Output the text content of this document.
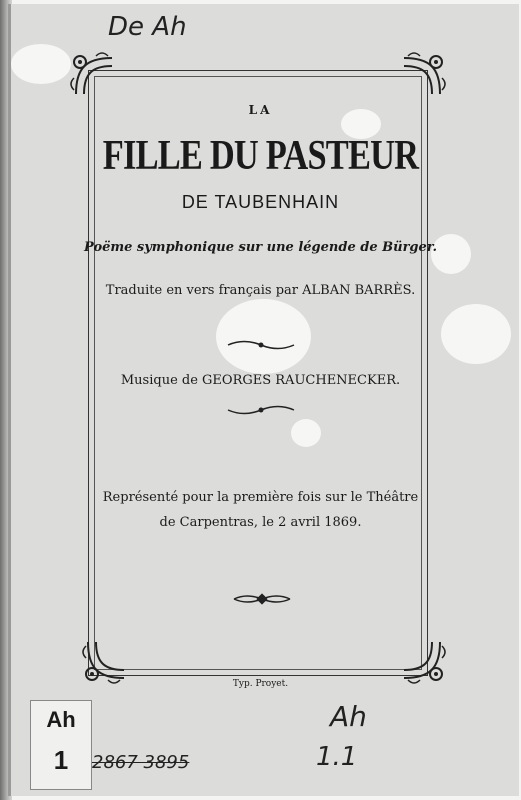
De Ah
LA
FILLE DU PASTEUR
DE TAUBENHAIN
Poëme symphonique sur une légende de Bürger.
Traduite en vers français par ALBAN BARRÈS.
Musique de GEORGES RAUCHENECKER.
Représenté pour la première fois sur le Théâtre
de Carpentras, le 2 avril 1869.
Typ. Proyet.
Ah
1	2867 3895
Ah
1.1
